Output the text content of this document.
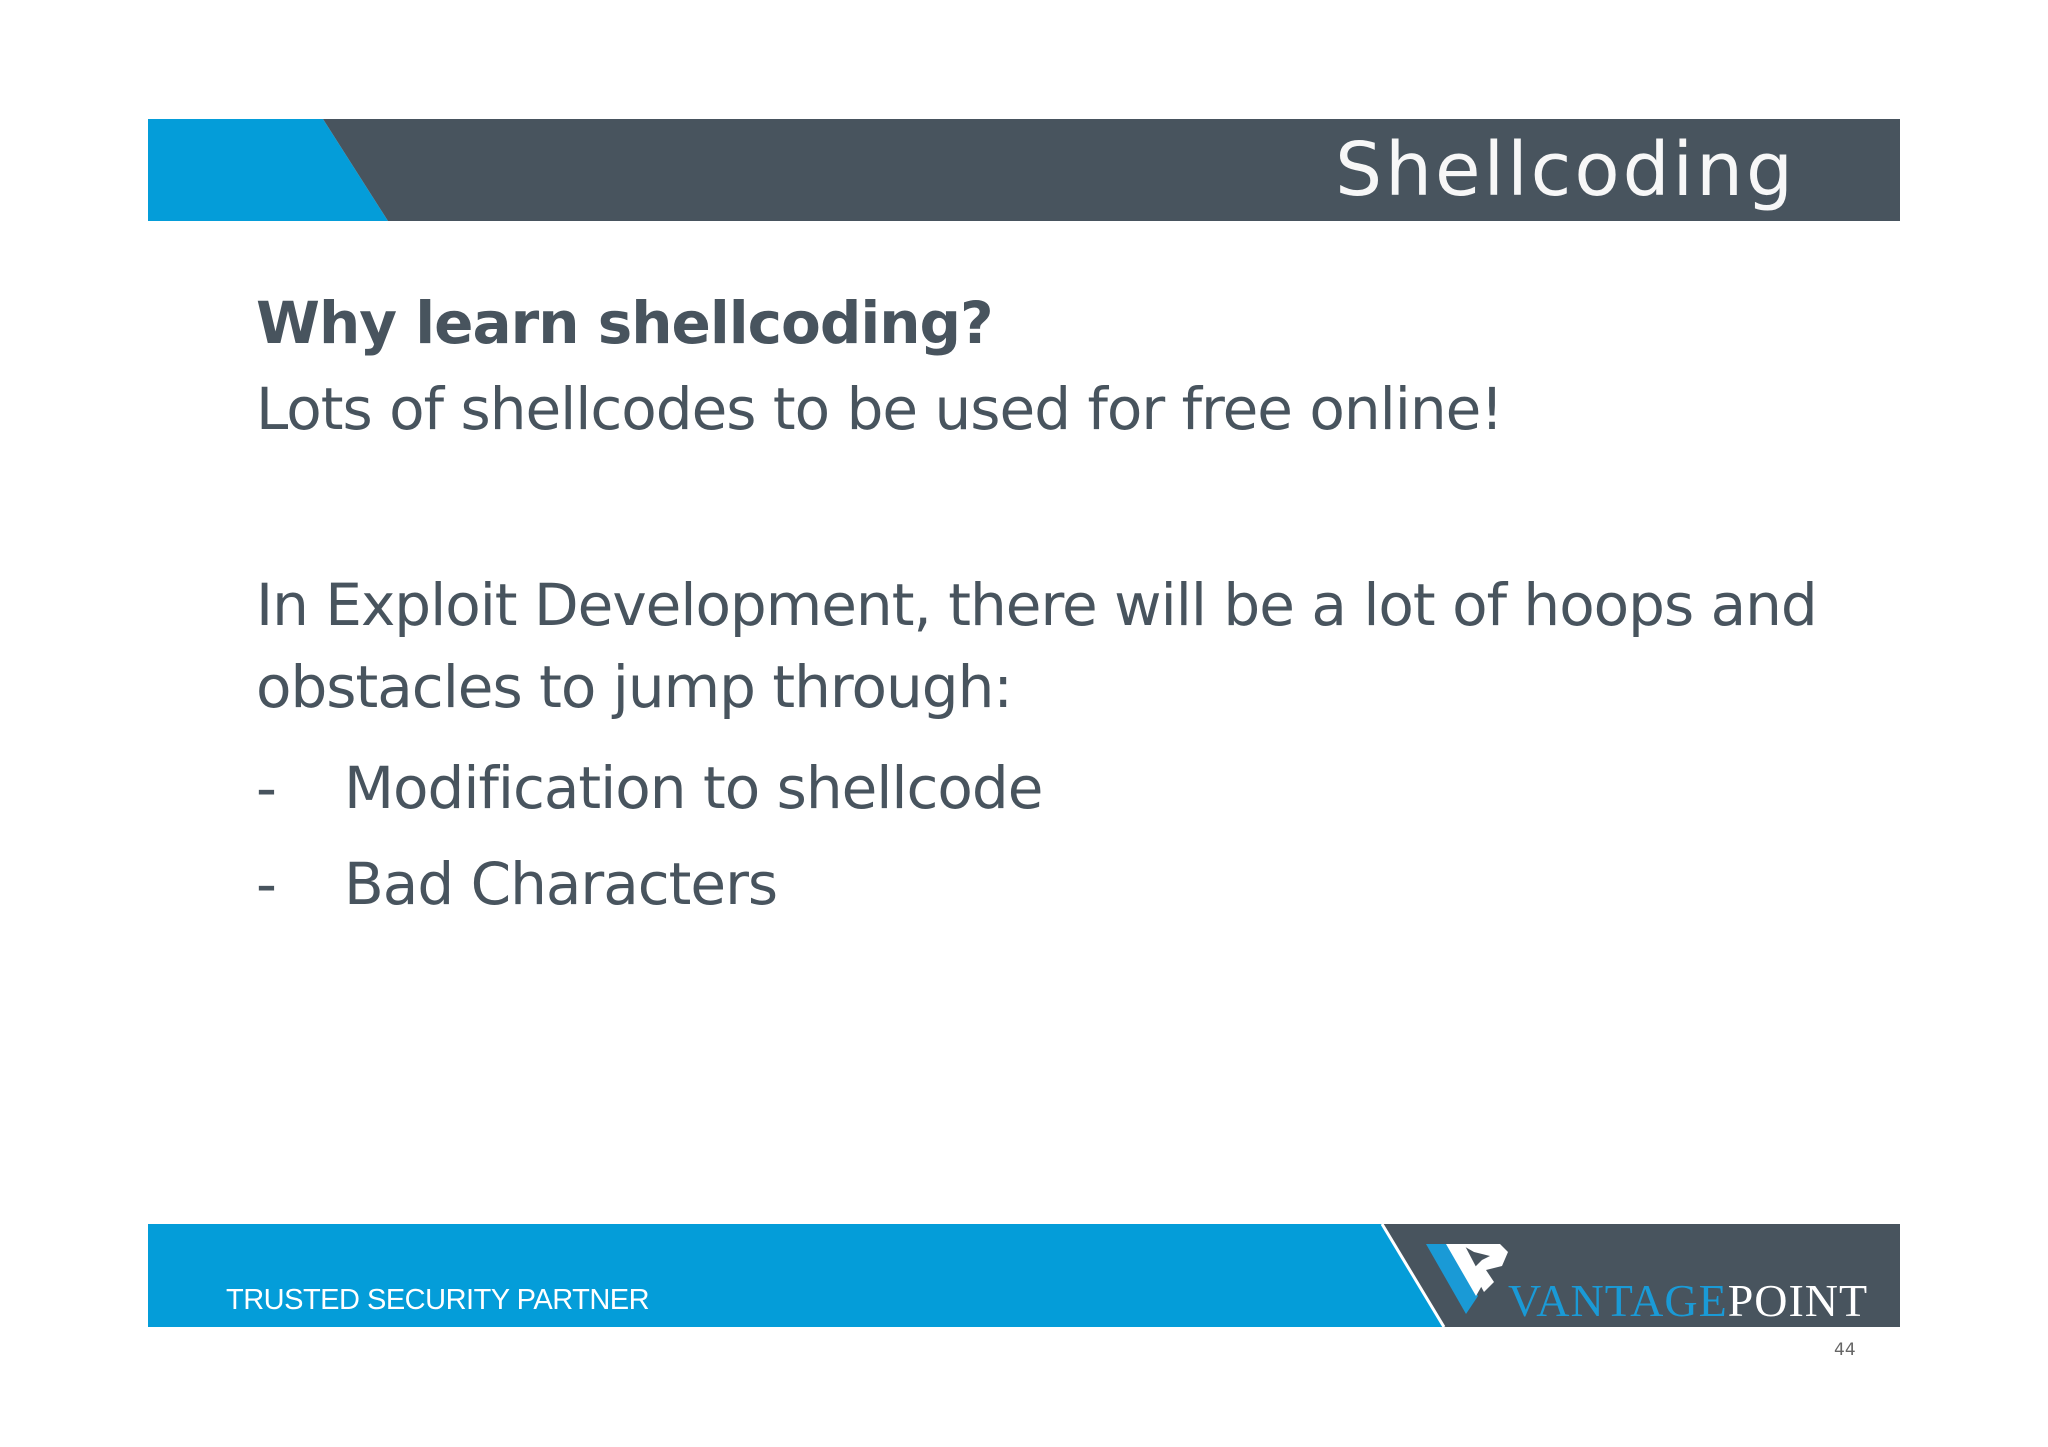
Shellcoding

Why learn shellcoding?

Lots of shellcodes to be used for free online!

In Exploit Development, there will be a lot of hoops and obstacles to jump through:

-	Modification to shellcode
-	Bad Characters
TRUSTED SECURITY PARTNER	VANTAGEPOINT
44
